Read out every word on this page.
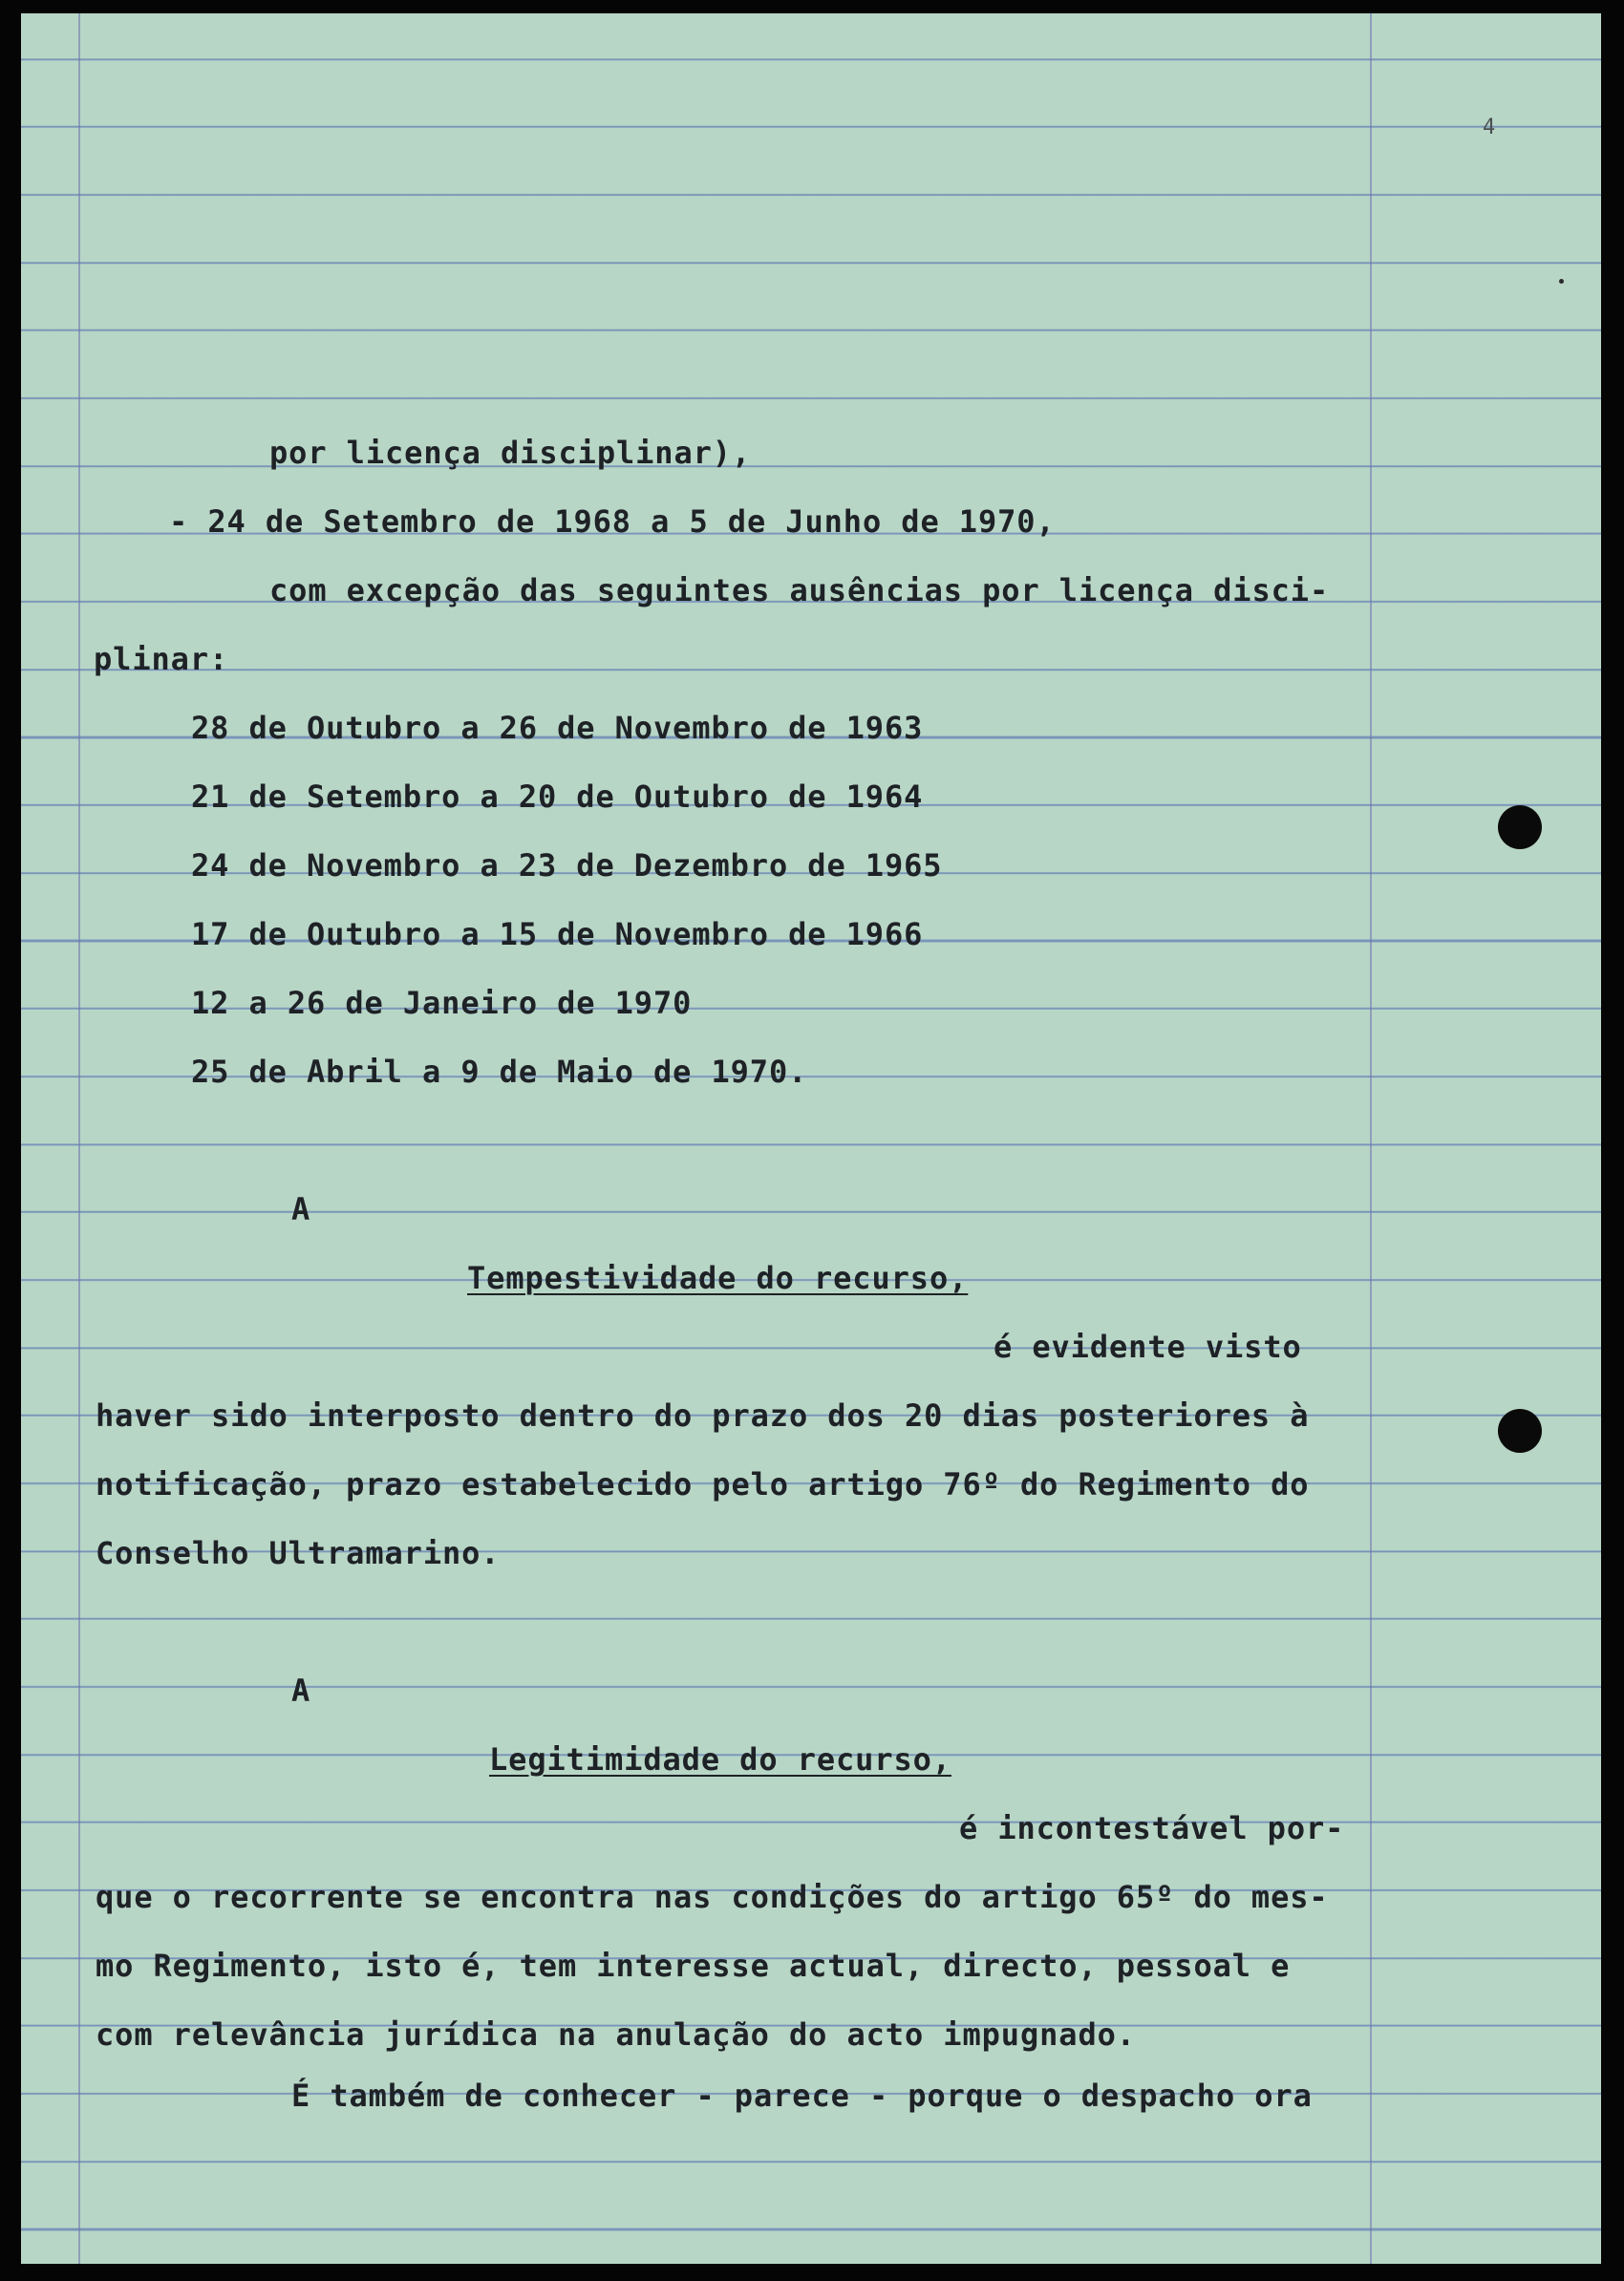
4

por licença disciplinar),

- 24 de Setembro de 1968 a 5 de Junho de 1970,

com excepção das seguintes ausências por licença disci-

plinar:

28 de Outubro a 26 de Novembro de 1963

21 de Setembro a 20 de Outubro de 1964

24 de Novembro a 23 de Dezembro de 1965

17 de Outubro a 15 de Novembro de 1966

12 a 26 de Janeiro de 1970

25 de Abril a 9 de Maio de 1970.

A

Tempestividade do recurso,

é evidente visto

haver sido interposto dentro do prazo dos 20 dias posteriores à

notificação, prazo estabelecido pelo artigo 76º do Regimento do

Conselho Ultramarino.

A

Legitimidade do recurso,

é incontestável por-

que o recorrente se encontra nas condições do artigo 65º do mes-

mo Regimento, isto é, tem interesse actual, directo, pessoal e

com relevância jurídica na anulação do acto impugnado.

É também de conhecer - parece - porque o despacho ora
